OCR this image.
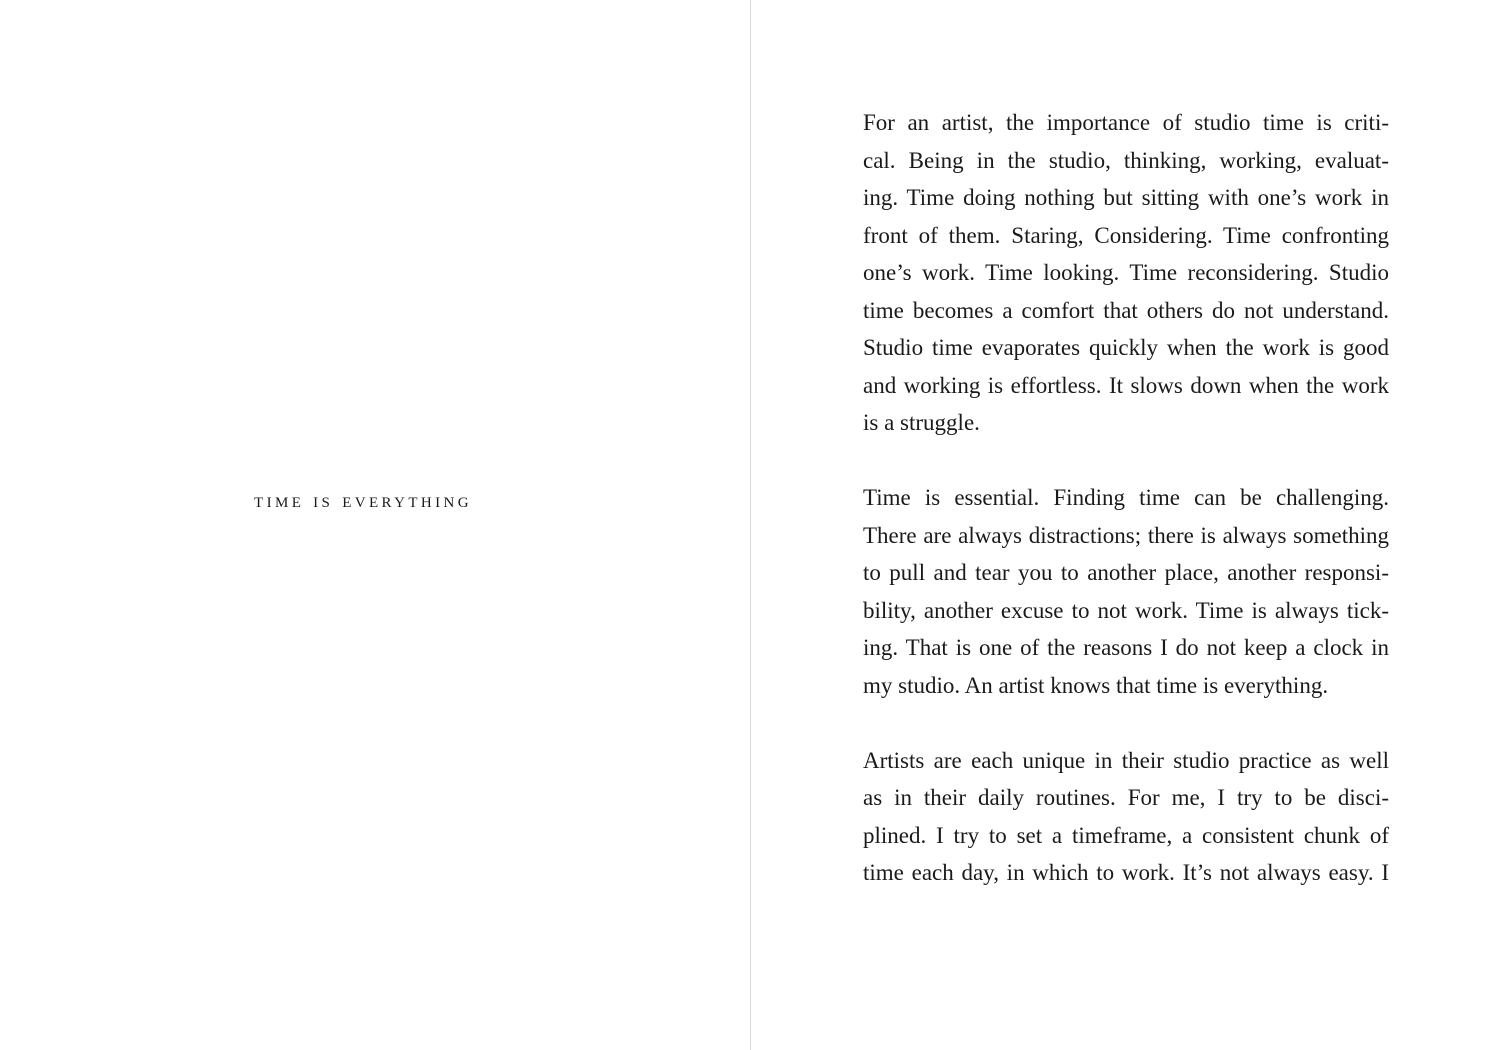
time is everything

For an artist, the importance of studio time is criti-
cal. Being in the studio, thinking, working, evaluat-
ing. Time doing nothing but sitting with one’s work in
front of them. Staring, Considering. Time confronting
one’s work. Time looking. Time reconsidering. Studio
time becomes a comfort that others do not understand.
Studio time evaporates quickly when the work is good
and working is effortless. It slows down when the work
is a struggle.

Time is essential. Finding time can be challenging.
There are always distractions; there is always something
to pull and tear you to another place, another responsi-
bility, another excuse to not work. Time is always tick-
ing. That is one of the reasons I do not keep a clock in
my studio. An artist knows that time is everything.

Artists are each unique in their studio practice as well
as in their daily routines. For me, I try to be disci-
plined. I try to set a timeframe, a consistent chunk of
time each day, in which to work. It’s not always easy. I
